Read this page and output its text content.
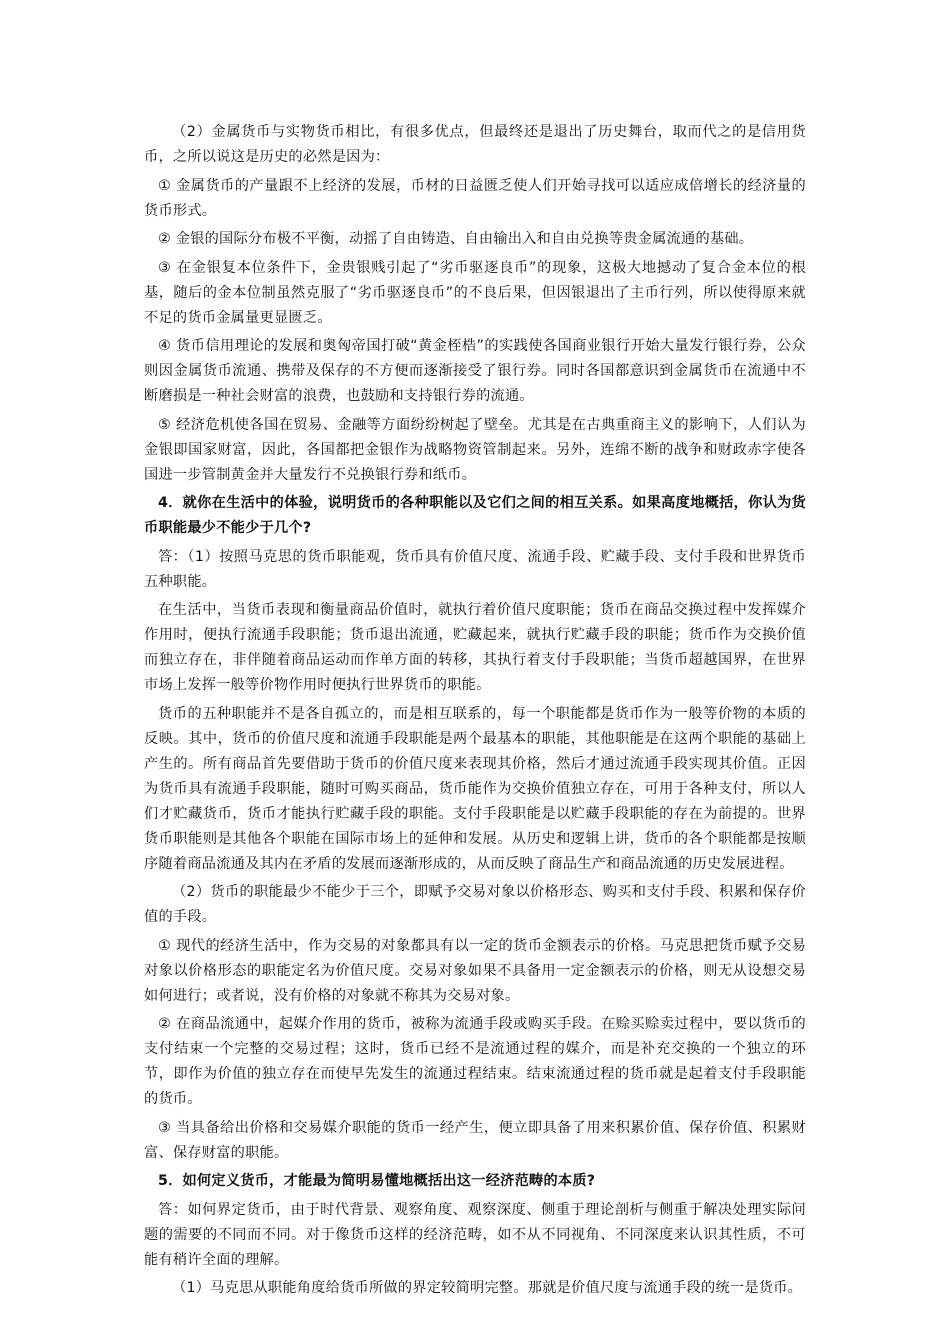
（2）金属货币与实物货币相比，有很多优点，但最终还是退出了历史舞台，取而代之的是信用货币，之所以说这是历史的必然是因为：

① 金属货币的产量跟不上经济的发展，币材的日益匮乏使人们开始寻找可以适应成倍增长的经济量的货币形式。

② 金银的国际分布极不平衡，动摇了自由铸造、自由输出入和自由兑换等贵金属流通的基础。

③ 在金银复本位条件下，金贵银贱引起了“劣币驱逐良币”的现象，这极大地撼动了复合金本位的根基，随后的金本位制虽然克服了“劣币驱逐良币”的不良后果，但因银退出了主币行列，所以使得原来就不足的货币金属量更显匮乏。

④ 货币信用理论的发展和奥匈帝国打破“黄金桎梏”的实践使各国商业银行开始大量发行银行券，公众则因金属货币流通、携带及保存的不方便而逐渐接受了银行券。同时各国都意识到金属货币在流通中不断磨损是一种社会财富的浪费，也鼓励和支持银行券的流通。

⑤ 经济危机使各国在贸易、金融等方面纷纷树起了壁垒。尤其是在古典重商主义的影响下，人们认为金银即国家财富，因此，各国都把金银作为战略物资管制起来。另外，连绵不断的战争和财政赤字使各国进一步管制黄金并大量发行不兑换银行券和纸币。

4．就你在生活中的体验，说明货币的各种职能以及它们之间的相互关系。如果高度地概括，你认为货币职能最少不能少于几个?

答：（1）按照马克思的货币职能观，货币具有价值尺度、流通手段、贮藏手段、支付手段和世界货币五种职能。

在生活中，当货币表现和衡量商品价值时，就执行着价值尺度职能；货币在商品交换过程中发挥媒介作用时，便执行流通手段职能；货币退出流通，贮藏起来，就执行贮藏手段的职能；货币作为交换价值而独立存在，非伴随着商品运动而作单方面的转移，其执行着支付手段职能；当货币超越国界，在世界市场上发挥一般等价物作用时便执行世界货币的职能。

货币的五种职能并不是各自孤立的，而是相互联系的，每一个职能都是货币作为一般等价物的本质的反映。其中，货币的价值尺度和流通手段职能是两个最基本的职能，其他职能是在这两个职能的基础上产生的。所有商品首先要借助于货币的价值尺度来表现其价格，然后才通过流通手段实现其价值。正因为货币具有流通手段职能，随时可购买商品，货币能作为交换价值独立存在，可用于各种支付，所以人们才贮藏货币，货币才能执行贮藏手段的职能。支付手段职能是以贮藏手段职能的存在为前提的。世界货币职能则是其他各个职能在国际市场上的延伸和发展。从历史和逻辑上讲，货币的各个职能都是按顺序随着商品流通及其内在矛盾的发展而逐渐形成的，从而反映了商品生产和商品流通的历史发展进程。

（2）货币的职能最少不能少于三个，即赋予交易对象以价格形态、购买和支付手段、积累和保存价值的手段。

① 现代的经济生活中，作为交易的对象都具有以一定的货币金额表示的价格。马克思把货币赋予交易对象以价格形态的职能定名为价值尺度。交易对象如果不具备用一定金额表示的价格，则无从设想交易如何进行；或者说，没有价格的对象就不称其为交易对象。

② 在商品流通中，起媒介作用的货币，被称为流通手段或购买手段。在赊买赊卖过程中，要以货币的支付结束一个完整的交易过程；这时，货币已经不是流通过程的媒介，而是补充交换的一个独立的环节，即作为价值的独立存在而使早先发生的流通过程结束。结束流通过程的货币就是起着支付手段职能的货币。

③ 当具备给出价格和交易媒介职能的货币一经产生，便立即具备了用来积累价值、保存价值、积累财富、保存财富的职能。

5．如何定义货币，才能最为简明易懂地概括出这一经济范畴的本质?

答：如何界定货币，由于时代背景、观察角度、观察深度、侧重于理论剖析与侧重于解决处理实际问题的需要的不同而不同。对于像货币这样的经济范畴，如不从不同视角、不同深度来认识其性质，不可能有稍许全面的理解。

（1）马克思从职能角度给货币所做的界定较简明完整。那就是价值尺度与流通手段的统一是货币。
